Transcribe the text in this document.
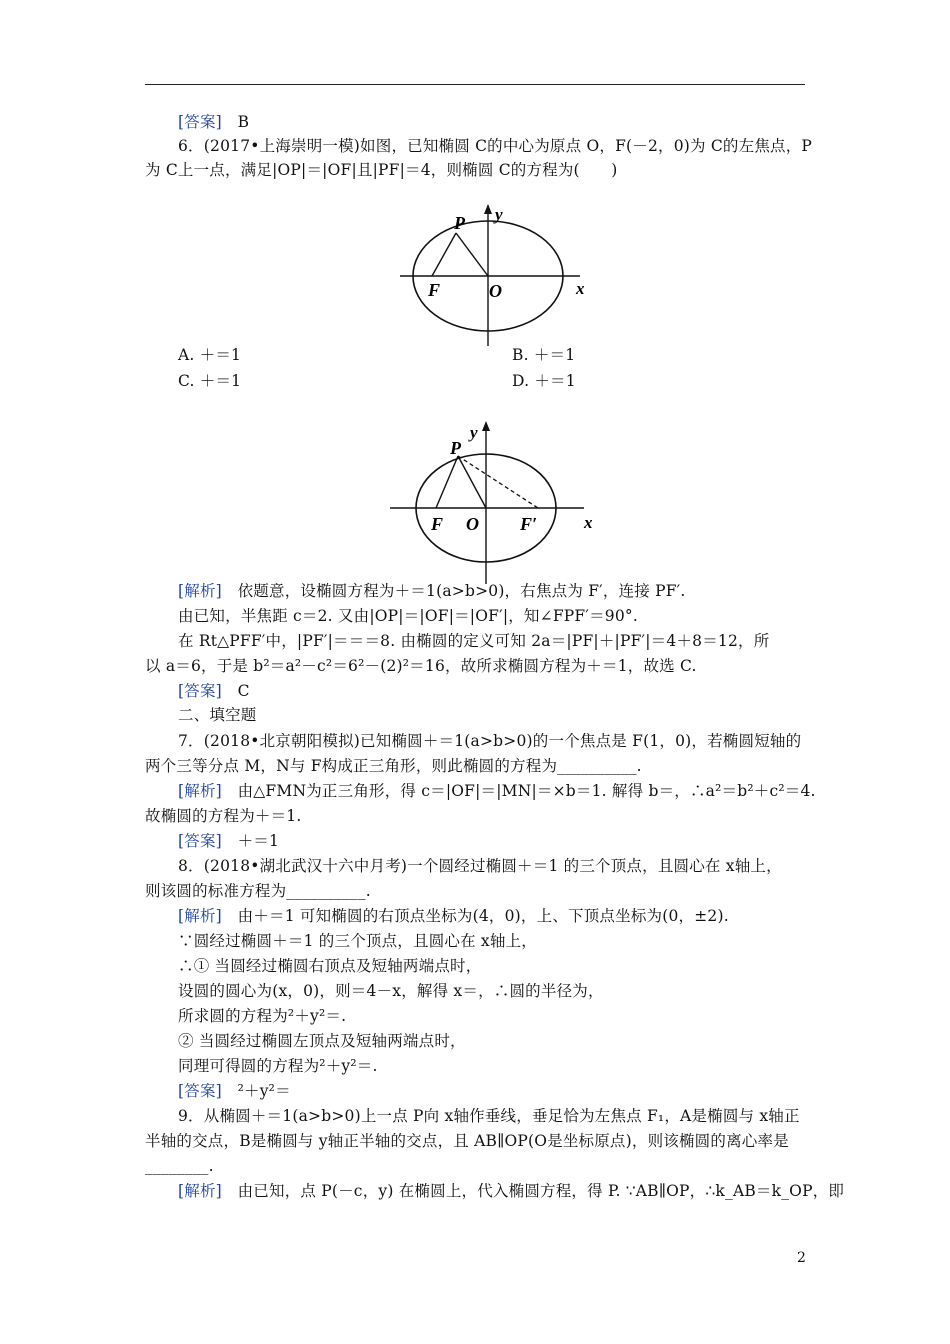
[答案]　B
6．(2017•上海崇明一模)如图，已知椭圆 C的中心为原点 O，F(－2，0)为 C的左焦点，P
为 C上一点，满足|OP|＝|OF|且|PF|＝4，则椭圆 C的方程为(　　)
A. ＋＝1	B. ＋＝1
C. ＋＝1	D. ＋＝1
[解析]　依题意，设椭圆方程为＋＝1(a>b>0)，右焦点为 F′，连接 PF′.
由已知，半焦距 c＝2. 又由|OP|＝|OF|＝|OF′|，知∠FPF′＝90°.
在 Rt△PFF′中，|PF′|＝＝＝8. 由椭圆的定义可知 2a＝|PF|＋|PF′|＝4＋8＝12，所
以 a＝6，于是 b²＝a²－c²＝6²－(2)²＝16，故所求椭圆方程为＋＝1，故选 C.
[答案]　C
二、填空题
7．(2018•北京朝阳模拟)已知椭圆＋＝1(a>b>0)的一个焦点是 F(1，0)，若椭圆短轴的
两个三等分点 M，N与 F构成正三角形，则此椭圆的方程为__________.
[解析]　由△FMN为正三角形，得 c＝|OF|＝|MN|＝×b＝1. 解得 b＝，∴a²＝b²＋c²＝4.
故椭圆的方程为＋＝1.
[答案]　＋＝1
8．(2018•湖北武汉十六中月考)一个圆经过椭圆＋＝1 的三个顶点，且圆心在 x轴上，
则该圆的标准方程为__________.
[解析]　由＋＝1 可知椭圆的右顶点坐标为(4，0)，上、下顶点坐标为(0，±2).
∵圆经过椭圆＋＝1 的三个顶点，且圆心在 x轴上，
∴① 当圆经过椭圆右顶点及短轴两端点时，
设圆的圆心为(x，0)，则＝4－x，解得 x＝，∴圆的半径为，
所求圆的方程为²＋y²＝.
② 当圆经过椭圆左顶点及短轴两端点时，
同理可得圆的方程为²＋y²＝.
[答案]　²＋y²＝
9．从椭圆＋＝1(a>b>0)上一点 P向 x轴作垂线，垂足恰为左焦点 F₁，A是椭圆与 x轴正
半轴的交点，B是椭圆与 y轴正半轴的交点，且 AB∥OP(O是坐标原点)，则该椭圆的离心率是
________.
[解析]　由已知，点 P(－c，y) 在椭圆上，代入椭圆方程，得 P. ∵AB∥OP，∴k_AB＝k_OP，即
P y
F	O	x
P
y
F O F′	x
2
